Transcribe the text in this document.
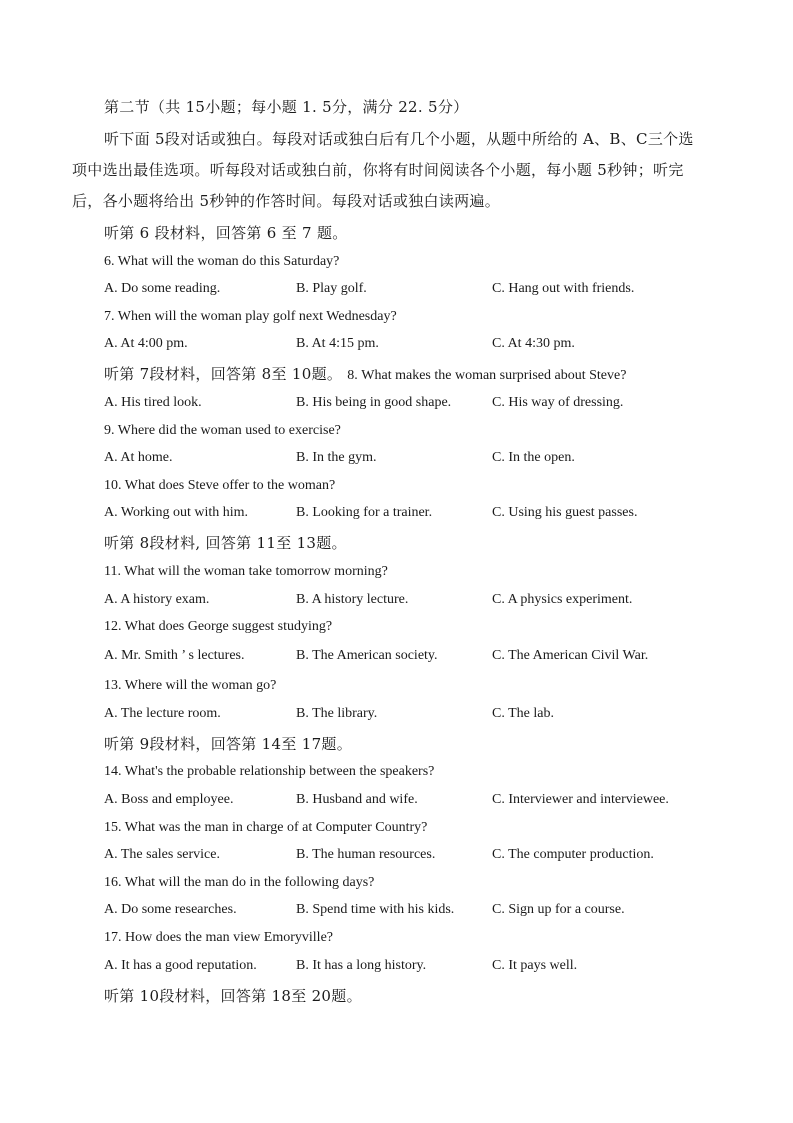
第二节（共 15小题；每小题 1. 5分，满分 22. 5分）
听下面 5段对话或独白。每段对话或独白后有几个小题，从题中所给的 A、B、C三个选
项中选出最佳选项。听每段对话或独白前，你将有时间阅读各个小题，每小题 5秒钟；听完
后，各小题将给出 5秒钟的作答时间。每段对话或独白读两遍。
听第 6 段材料，回答第 6 至 7 题。
6. What will the woman do this Saturday?
A. Do some reading.	B. Play golf.	C. Hang out with friends.
7. When will the woman play golf next Wednesday?
A. At 4:00 pm.	B. At 4:15 pm.	C. At 4:30 pm.
听第 7段材料，回答第 8至 10题。 8. What makes the woman surprised about Steve?
A. His tired look.	B. His being in good shape.	C. His way of dressing.
9. Where did the woman used to exercise?
A. At home.	B. In the gym.	C. In the open.
10. What does Steve offer to the woman?
A. Working out with him.	B. Looking for a trainer.	C. Using his guest passes.
听第 8段材料, 回答第 11至 13题。
11. What will the woman take tomorrow morning?
A. A history exam.	B. A history lecture.	C. A physics experiment.
12. What does George suggest studying?
A. Mr. Smith ’ s lectures.	B. The American society.	C. The American Civil War.
13. Where will the woman go?
A. The lecture room.	B. The library.	C. The lab.
听第 9段材料，回答第 14至 17题。
14. What's the probable relationship between the speakers?
A. Boss and employee.	B. Husband and wife.	C. Interviewer and interviewee.
15. What was the man in charge of at Computer Country?
A. The sales service.	B. The human resources.	C. The computer production.
16. What will the man do in the following days?
A. Do some researches.	B. Spend time with his kids.	C. Sign up for a course.
17. How does the man view Emoryville?
A. It has a good reputation.	B. It has a long history.	C. It pays well.
听第 10段材料，回答第 18至 20题。
